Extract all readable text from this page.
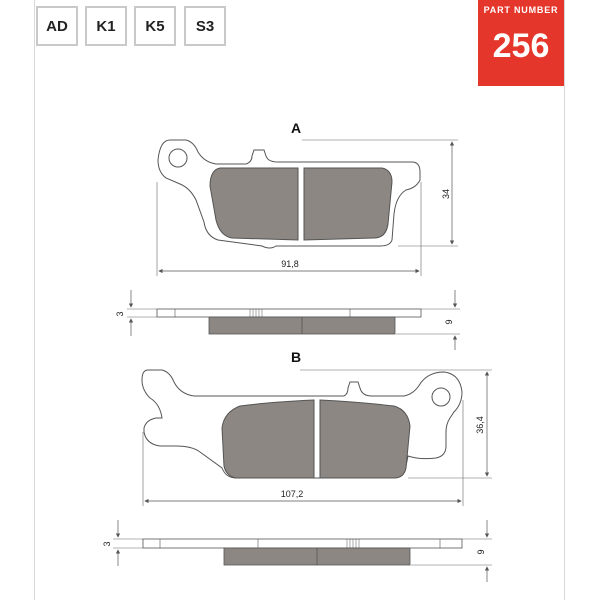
AD	K1	K5	S3
PART NUMBER
256
A
34
91,8
3
9
B
36,4
107,2
3
9
